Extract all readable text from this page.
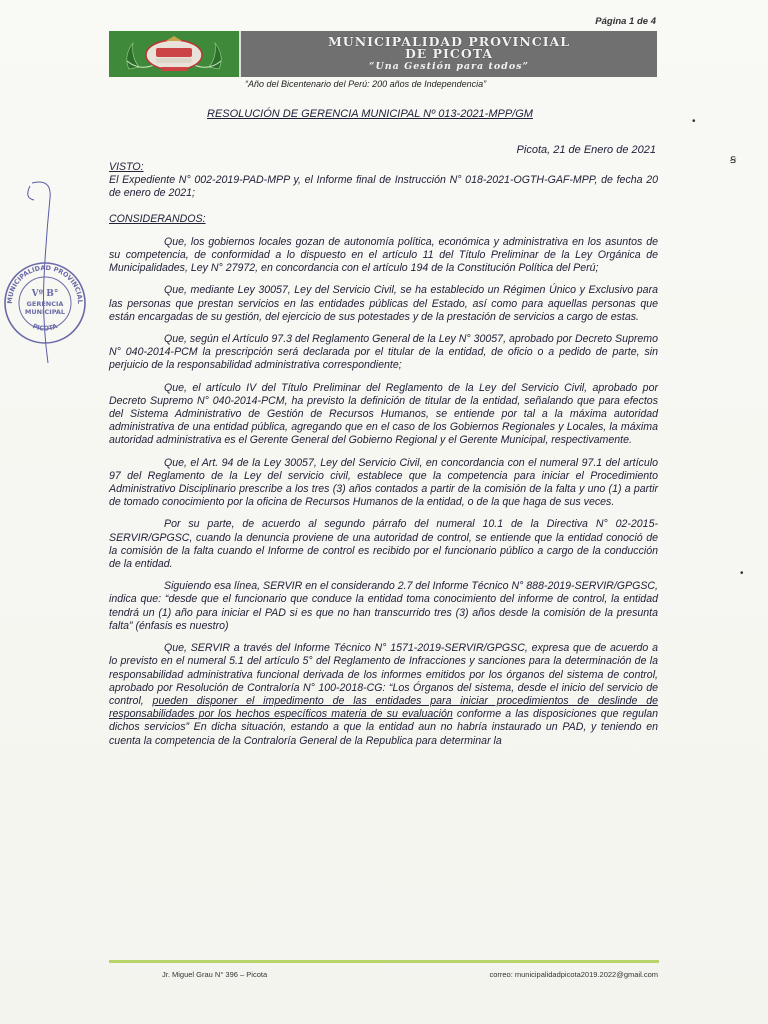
Página 1 de 4
MUNICIPALIDAD PROVINCIAL
DE PICOTA
“Una Gestión para todos”
“Año del Bicentenario del Perú: 200 años de Independencia”
RESOLUCIÓN DE GERENCIA MUNICIPAL Nº 013-2021-MPP/GM
Picota, 21 de Enero de 2021
VISTO:

El Expediente N° 002-2019-PAD-MPP y, el Informe final de Instrucción N° 018-2021-OGTH-GAF-MPP, de fecha 20 de enero de 2021;

CONSIDERANDOS:

Que, los gobiernos locales gozan de autonomía política, económica y administrativa en los asuntos de su competencia, de conformidad a lo dispuesto en el artículo 11 del Título Preliminar de la Ley Orgánica de Municipalidades, Ley N° 27972, en concordancia con el artículo 194 de la Constitución Política del Perú;

Que, mediante Ley 30057, Ley del Servicio Civil, se ha establecido un Régimen Único y Exclusivo para las personas que prestan servicios en las entidades públicas del Estado, así como para aquellas personas que están encargadas de su gestión, del ejercicio de sus potestades y de la prestación de servicios a cargo de estas.

Que, según el Artículo 97.3 del Reglamento General de la Ley N° 30057, aprobado por Decreto Supremo N° 040-2014-PCM la prescripción será declarada por el titular de la entidad, de oficio o a pedido de parte, sin perjuicio de la responsabilidad administrativa correspondiente;

Que, el artículo IV del Título Preliminar del Reglamento de la Ley del Servicio Civil, aprobado por Decreto Supremo N° 040-2014-PCM, ha previsto la definición de titular de la entidad, señalando que para efectos del Sistema Administrativo de Gestión de Recursos Humanos, se entiende por tal a la máxima autoridad administrativa de una entidad pública, agregando que en el caso de los Gobiernos Regionales y Locales, la máxima autoridad administrativa es el Gerente General del Gobierno Regional y el Gerente Municipal, respectivamente.

Que, el Art. 94 de la Ley 30057, Ley del Servicio Civil, en concordancia con el numeral 97.1 del artículo 97 del Reglamento de la Ley del servicio civil, establece que la competencia para iniciar el Procedimiento Administrativo Disciplinario prescribe a los tres (3) años contados a partir de la comisión de la falta y uno (1) a partir de tomado conocimiento por la oficina de Recursos Humanos de la entidad, o de la que haga de sus veces.

Por su parte, de acuerdo al segundo párrafo del numeral 10.1 de la Directiva N° 02-2015-SERVIR/GPGSC, cuando la denuncia proviene de una autoridad de control, se entiende que la entidad conoció de la comisión de la falta cuando el Informe de control es recibido por el funcionario público a cargo de la conducción de la entidad.

Siguiendo esa línea, SERVIR en el considerando 2.7 del Informe Técnico N° 888-2019-SERVIR/GPGSC, indica que: “desde que el funcionario que conduce la entidad toma conocimiento del informe de control, la entidad tendrá un (1) año para iniciar el PAD si es que no han transcurrido tres (3) años desde la comisión de la presunta falta” (énfasis es nuestro)

Que, SERVIR a través del Informe Técnico N° 1571-2019-SERVIR/GPGSC, expresa que de acuerdo a lo previsto en el numeral 5.1 del artículo 5° del Reglamento de Infracciones y sanciones para la determinación de la responsabilidad administrativa funcional derivada de los informes emitidos por los órganos del sistema de control, aprobado por Resolución de Contraloría N° 100-2018-CG: “Los Órganos del sistema, desde el inicio del servicio de control, pueden disponer el impedimento de las entidades para iniciar procedimientos de deslinde de responsabilidades por los hechos específicos materia de su evaluación conforme a las disposiciones que regulan dichos servicios” En dicha situación, estando a que la entidad aun no habría instaurado un PAD, y teniendo en cuenta la competencia de la Contraloría General de la Republica para determinar la

MUNICIPALIDAD PROVINCIAL
PICOTA
Vº B°
GERENCIA
MUNICIPAL
•
ꞩ
•
Jr. Miguel Grau N° 396 – Picota	correo: municipalidadpicota2019.2022@gmail.com
